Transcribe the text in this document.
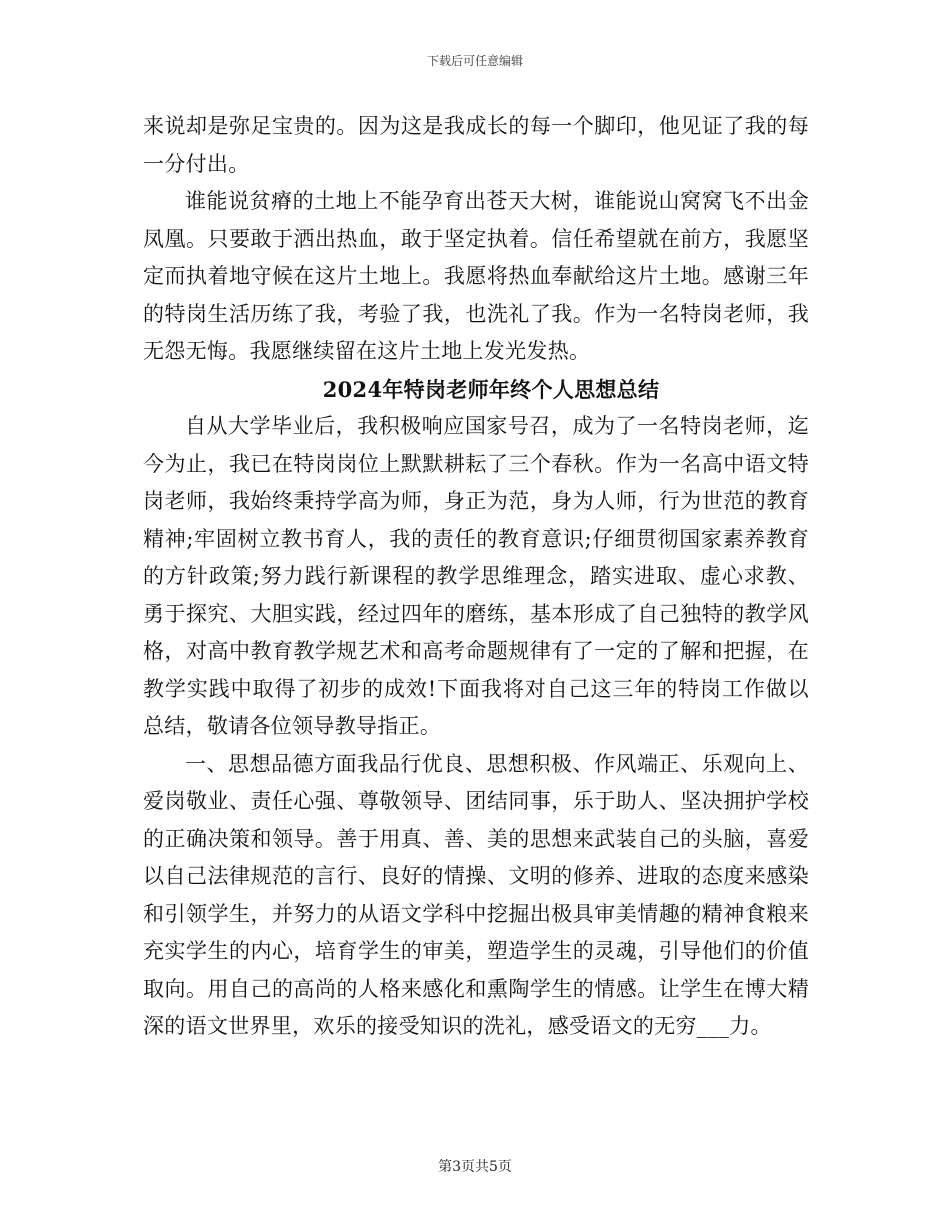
下载后可任意编辑

来说却是弥足宝贵的。因为这是我成长的每一个脚印，他见证了我的每一分付出。

谁能说贫瘠的土地上不能孕育出苍天大树，谁能说山窝窝飞不出金凤凰。只要敢于洒出热血，敢于坚定执着。信任希望就在前方，我愿坚定而执着地守候在这片土地上。我愿将热血奉献给这片土地。感谢三年的特岗生活历练了我，考验了我，也洗礼了我。作为一名特岗老师，我无怨无悔。我愿继续留在这片土地上发光发热。

2024年特岗老师年终个人思想总结

自从大学毕业后，我积极响应国家号召，成为了一名特岗老师，迄今为止，我已在特岗岗位上默默耕耘了三个春秋。作为一名高中语文特岗老师，我始终秉持学高为师，身正为范，身为人师，行为世范的教育精神;牢固树立教书育人，我的责任的教育意识;仔细贯彻国家素养教育的方针政策;努力践行新课程的教学思维理念，踏实进取、虚心求教、勇于探究、大胆实践，经过四年的磨练，基本形成了自己独特的教学风格，对高中教育教学规艺术和高考命题规律有了一定的了解和把握，在教学实践中取得了初步的成效!下面我将对自己这三年的特岗工作做以总结，敬请各位领导教导指正。

一、思想品德方面我品行优良、思想积极、作风端正、乐观向上、爱岗敬业、责任心强、尊敬领导、团结同事，乐于助人、坚决拥护学校的正确决策和领导。善于用真、善、美的思想来武装自己的头脑，喜爱以自己法律规范的言行、良好的情操、文明的修养、进取的态度来感染和引领学生，并努力的从语文学科中挖掘出极具审美情趣的精神食粮来充实学生的内心，培育学生的审美，塑造学生的灵魂，引导他们的价值取向。用自己的高尚的人格来感化和熏陶学生的情感。让学生在博大精深的语文世界里，欢乐的接受知识的洗礼，感受语文的无穷___力。

第3页共5页
